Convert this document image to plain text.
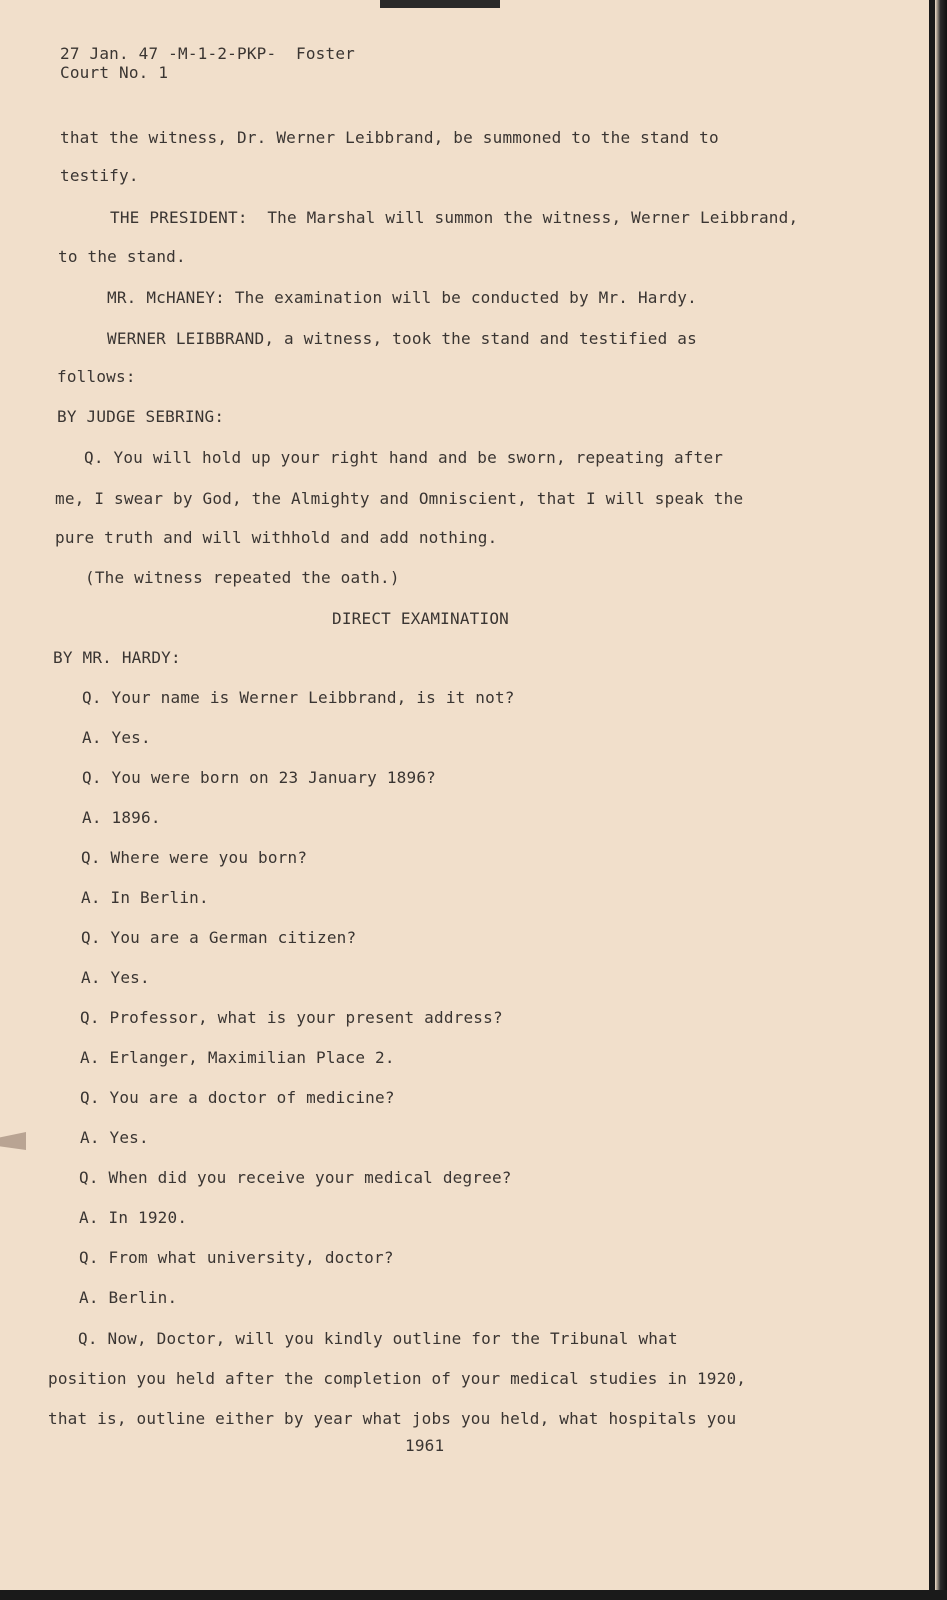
27 Jan. 47 -M-1-2-PKP-  Foster

Court No. 1

that the witness, Dr. Werner Leibbrand, be summoned to the stand to

testify.

THE PRESIDENT:  The Marshal will summon the witness, Werner Leibbrand,

to the stand.

MR. McHANEY: The examination will be conducted by Mr. Hardy.

WERNER LEIBBRAND, a witness, took the stand and testified as

follows:

BY JUDGE SEBRING:

Q. You will hold up your right hand and be sworn, repeating after

me, I swear by God, the Almighty and Omniscient, that I will speak the

pure truth and will withhold and add nothing.

(The witness repeated the oath.)

DIRECT EXAMINATION

BY MR. HARDY:

Q. Your name is Werner Leibbrand, is it not?

A. Yes.

Q. You were born on 23 January 1896?

A. 1896.

Q. Where were you born?

A. In Berlin.

Q. You are a German citizen?

A. Yes.

Q. Professor, what is your present address?

A. Erlanger, Maximilian Place 2.

Q. You are a doctor of medicine?

A. Yes.

Q. When did you receive your medical degree?

A. In 1920.

Q. From what university, doctor?

A. Berlin.

Q. Now, Doctor, will you kindly outline for the Tribunal what

position you held after the completion of your medical studies in 1920,

that is, outline either by year what jobs you held, what hospitals you

1961
